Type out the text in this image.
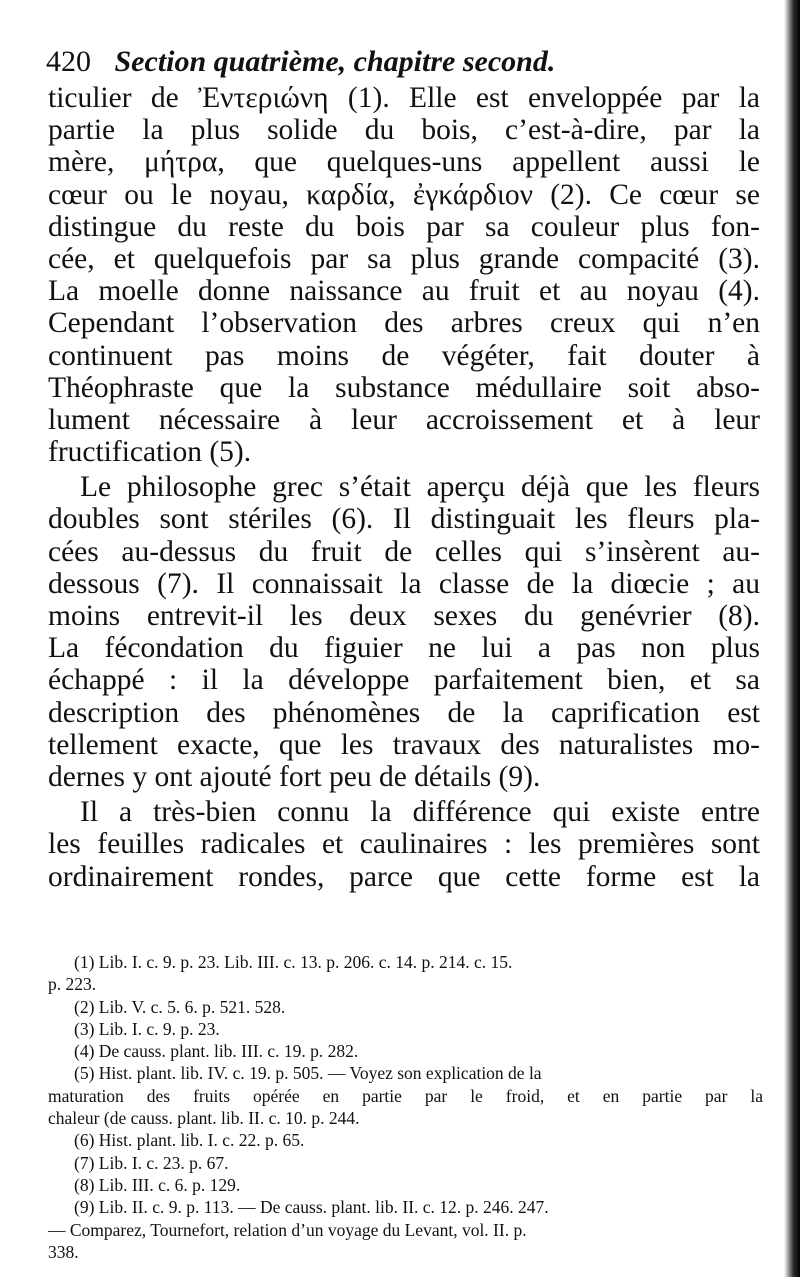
420 Section quatrième, chapitre second.
ticulier de Ἐντεριώνη (1). Elle est enveloppée par la
partie la plus solide du bois, c’est-à-dire, par la
mère, μήτρα, que quelques-uns appellent aussi le
cœur ou le noyau, καρδία, ἐγκάρδιον (2). Ce cœur se
distingue du reste du bois par sa couleur plus fon-
cée, et quelquefois par sa plus grande compacité (3).
La moelle donne naissance au fruit et au noyau (4).
Cependant l’observation des arbres creux qui n’en
continuent pas moins de végéter, fait douter à
Théophraste que la substance médullaire soit abso-
lument nécessaire à leur accroissement et à leur
fructification (5).
Le philosophe grec s’était aperçu déjà que les fleurs
doubles sont stériles (6). Il distinguait les fleurs pla-
cées au-dessus du fruit de celles qui s’insèrent au-
dessous (7). Il connaissait la classe de la diœcie ; au
moins entrevit-il les deux sexes du genévrier (8).
La fécondation du figuier ne lui a pas non plus
échappé : il la développe parfaitement bien, et sa
description des phénomènes de la caprification est
tellement exacte, que les travaux des naturalistes mo-
dernes y ont ajouté fort peu de détails (9).
Il a très-bien connu la différence qui existe entre
les feuilles radicales et caulinaires : les premières sont
ordinairement rondes, parce que cette forme est la
(1) Lib. I. c. 9. p. 23. Lib. III. c. 13. p. 206. c. 14. p. 214. c. 15.
p. 223.
(2) Lib. V. c. 5. 6. p. 521. 528.
(3) Lib. I. c. 9. p. 23.
(4) De causs. plant. lib. III. c. 19. p. 282.
(5) Hist. plant. lib. IV. c. 19. p. 505. — Voyez son explication de la
maturation des fruits opérée en partie par le froid, et en partie par la
chaleur (de causs. plant. lib. II. c. 10. p. 244.
(6) Hist. plant. lib. I. c. 22. p. 65.
(7) Lib. I. c. 23. p. 67.
(8) Lib. III. c. 6. p. 129.
(9) Lib. II. c. 9. p. 113. — De causs. plant. lib. II. c. 12. p. 246. 247.
— Comparez, Tournefort, relation d’un voyage du Levant, vol. II. p.
338.
